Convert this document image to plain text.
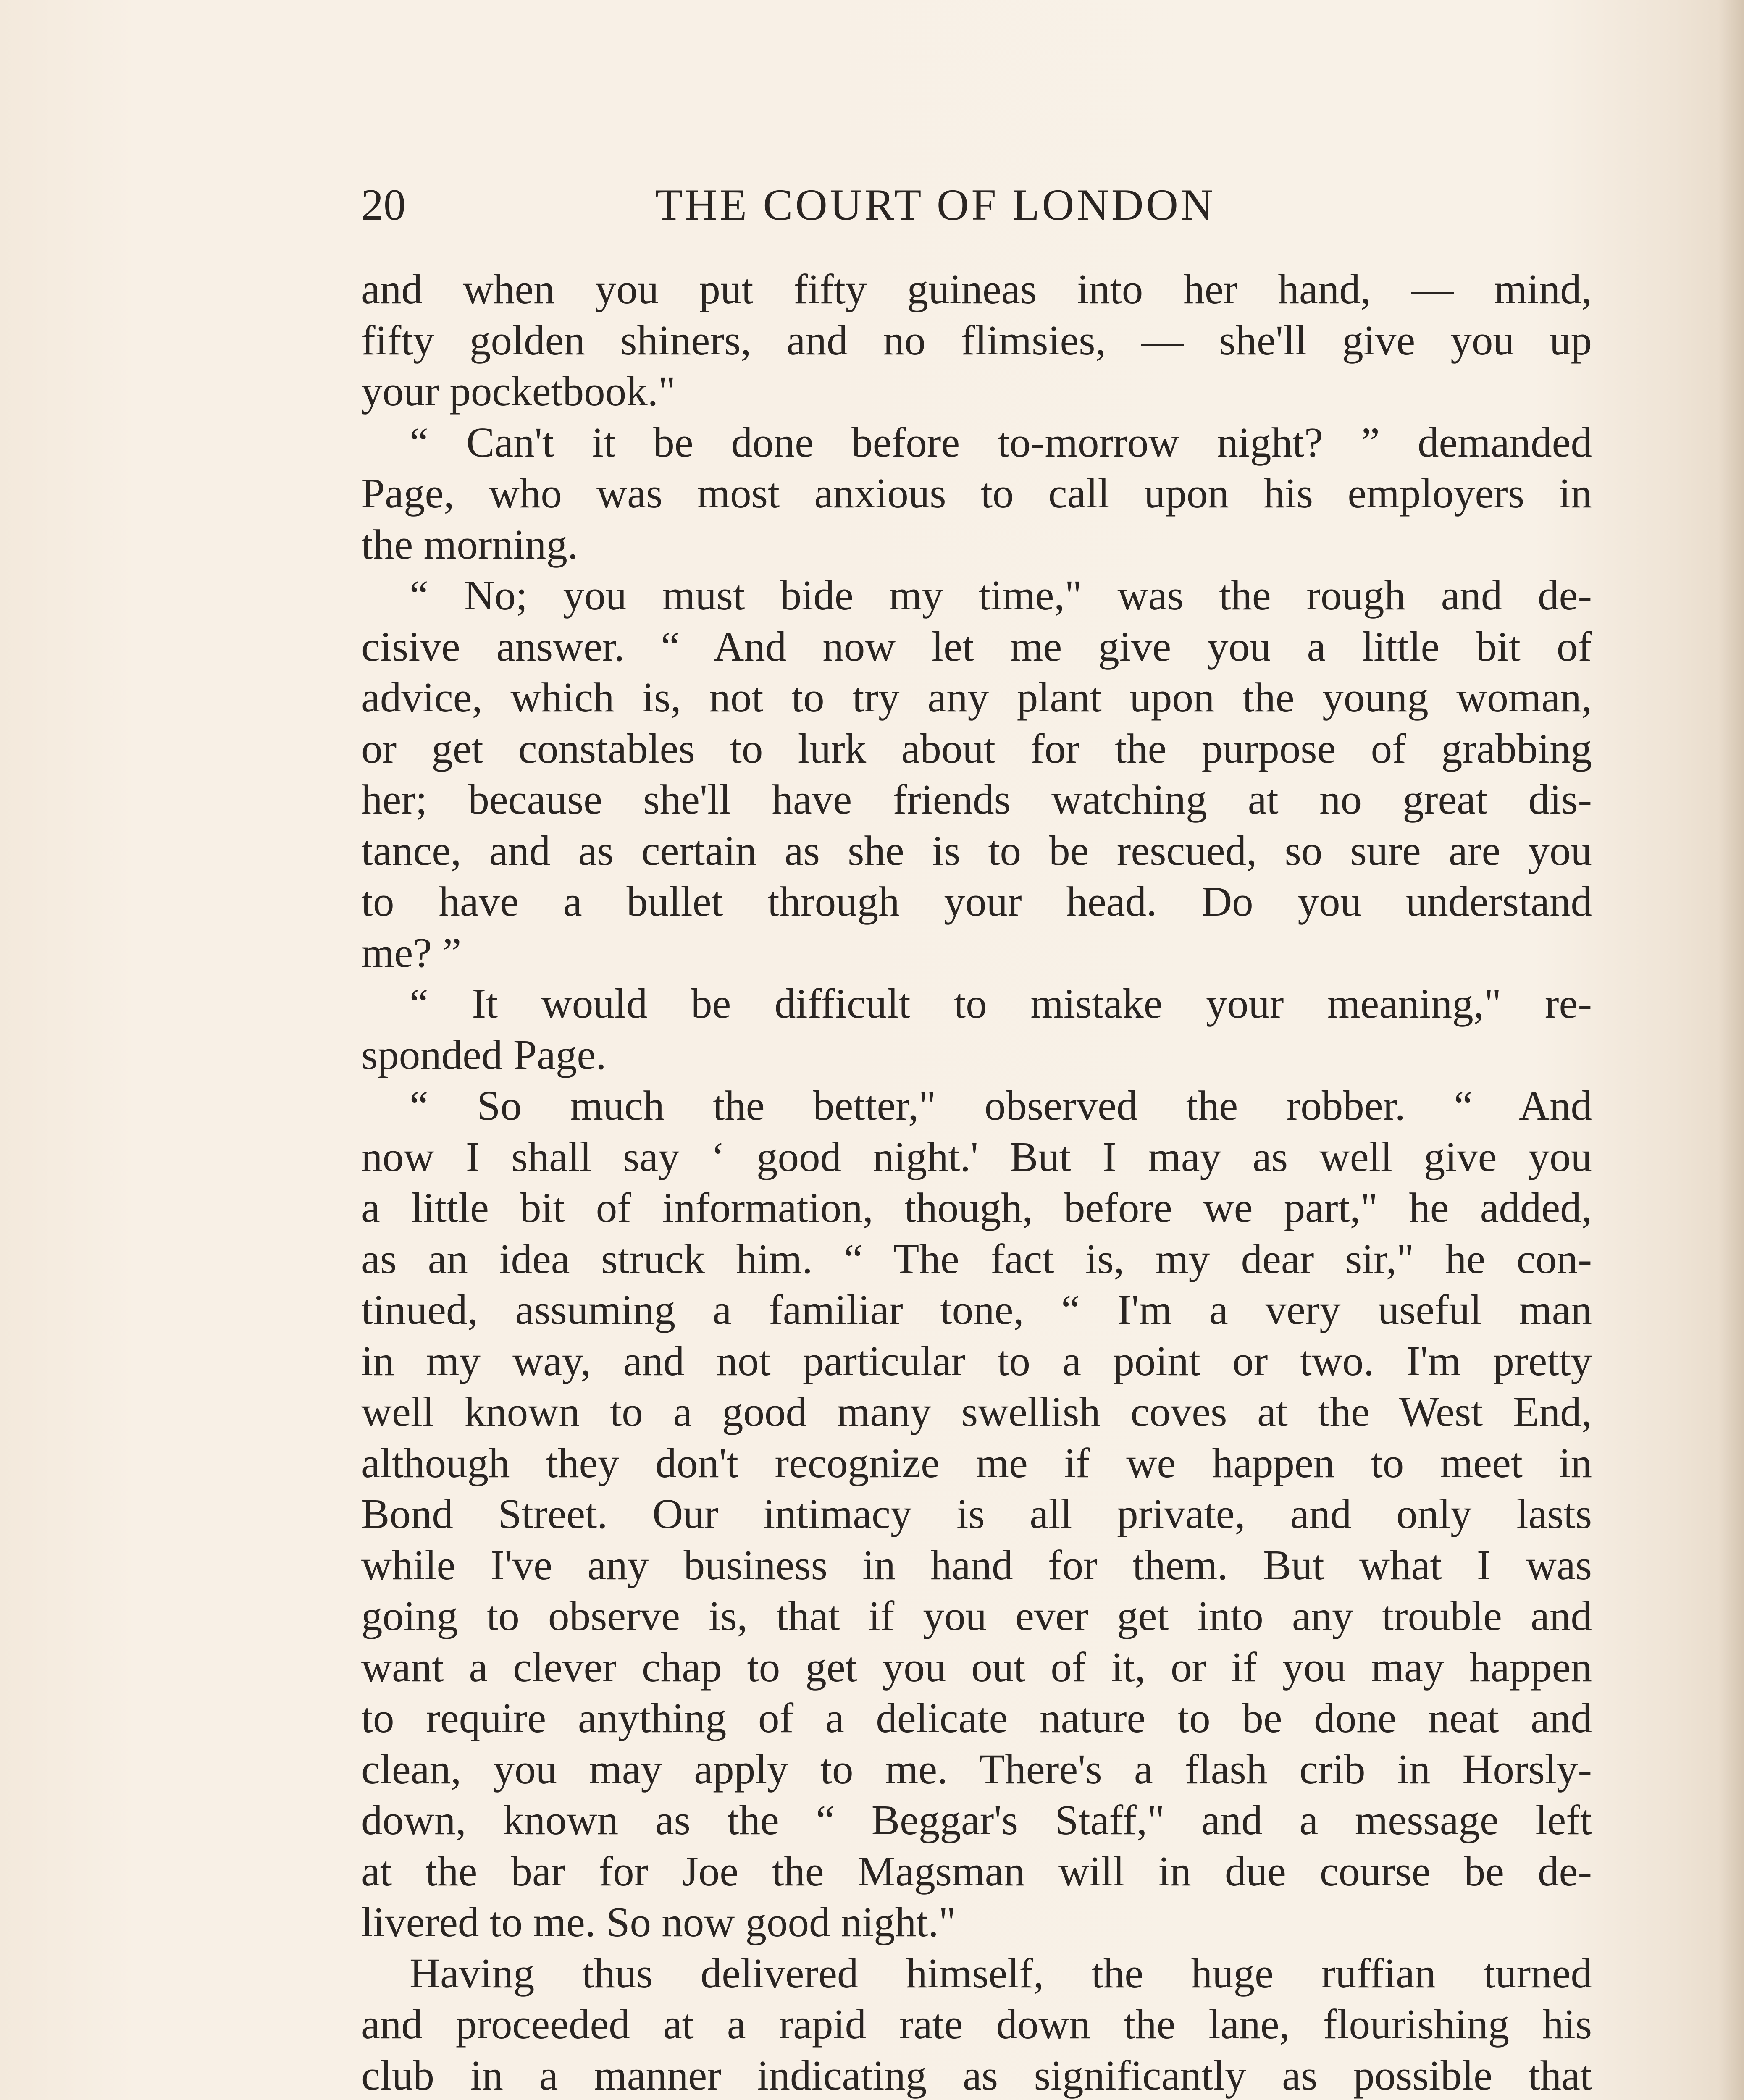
20	THE COURT OF LONDON
and when you put fifty guineas into her hand, — mind,
fifty golden shiners, and no flimsies, — she'll give you up
your pocketbook."
“ Can't it be done before to-morrow night? ” demanded
Page, who was most anxious to call upon his employers in
the morning.
“ No; you must bide my time," was the rough and de-
cisive answer. “ And now let me give you a little bit of
advice, which is, not to try any plant upon the young woman,
or get constables to lurk about for the purpose of grabbing
her; because she'll have friends watching at no great dis-
tance, and as certain as she is to be rescued, so sure are you
to have a bullet through your head. Do you understand
me? ”
“ It would be difficult to mistake your meaning," re-
sponded Page.
“ So much the better," observed the robber. “ And
now I shall say ‘ good night.' But I may as well give you
a little bit of information, though, before we part," he added,
as an idea struck him. “ The fact is, my dear sir," he con-
tinued, assuming a familiar tone, “ I'm a very useful man
in my way, and not particular to a point or two. I'm pretty
well known to a good many swellish coves at the West End,
although they don't recognize me if we happen to meet in
Bond Street. Our intimacy is all private, and only lasts
while I've any business in hand for them. But what I was
going to observe is, that if you ever get into any trouble and
want a clever chap to get you out of it, or if you may happen
to require anything of a delicate nature to be done neat and
clean, you may apply to me. There's a flash crib in Horsly-
down, known as the “ Beggar's Staff," and a message left
at the bar for Joe the Magsman will in due course be de-
livered to me. So now good night."
Having thus delivered himself, the huge ruffian turned
and proceeded at a rapid rate down the lane, flourishing his
club in a manner indicating as significantly as possible that
